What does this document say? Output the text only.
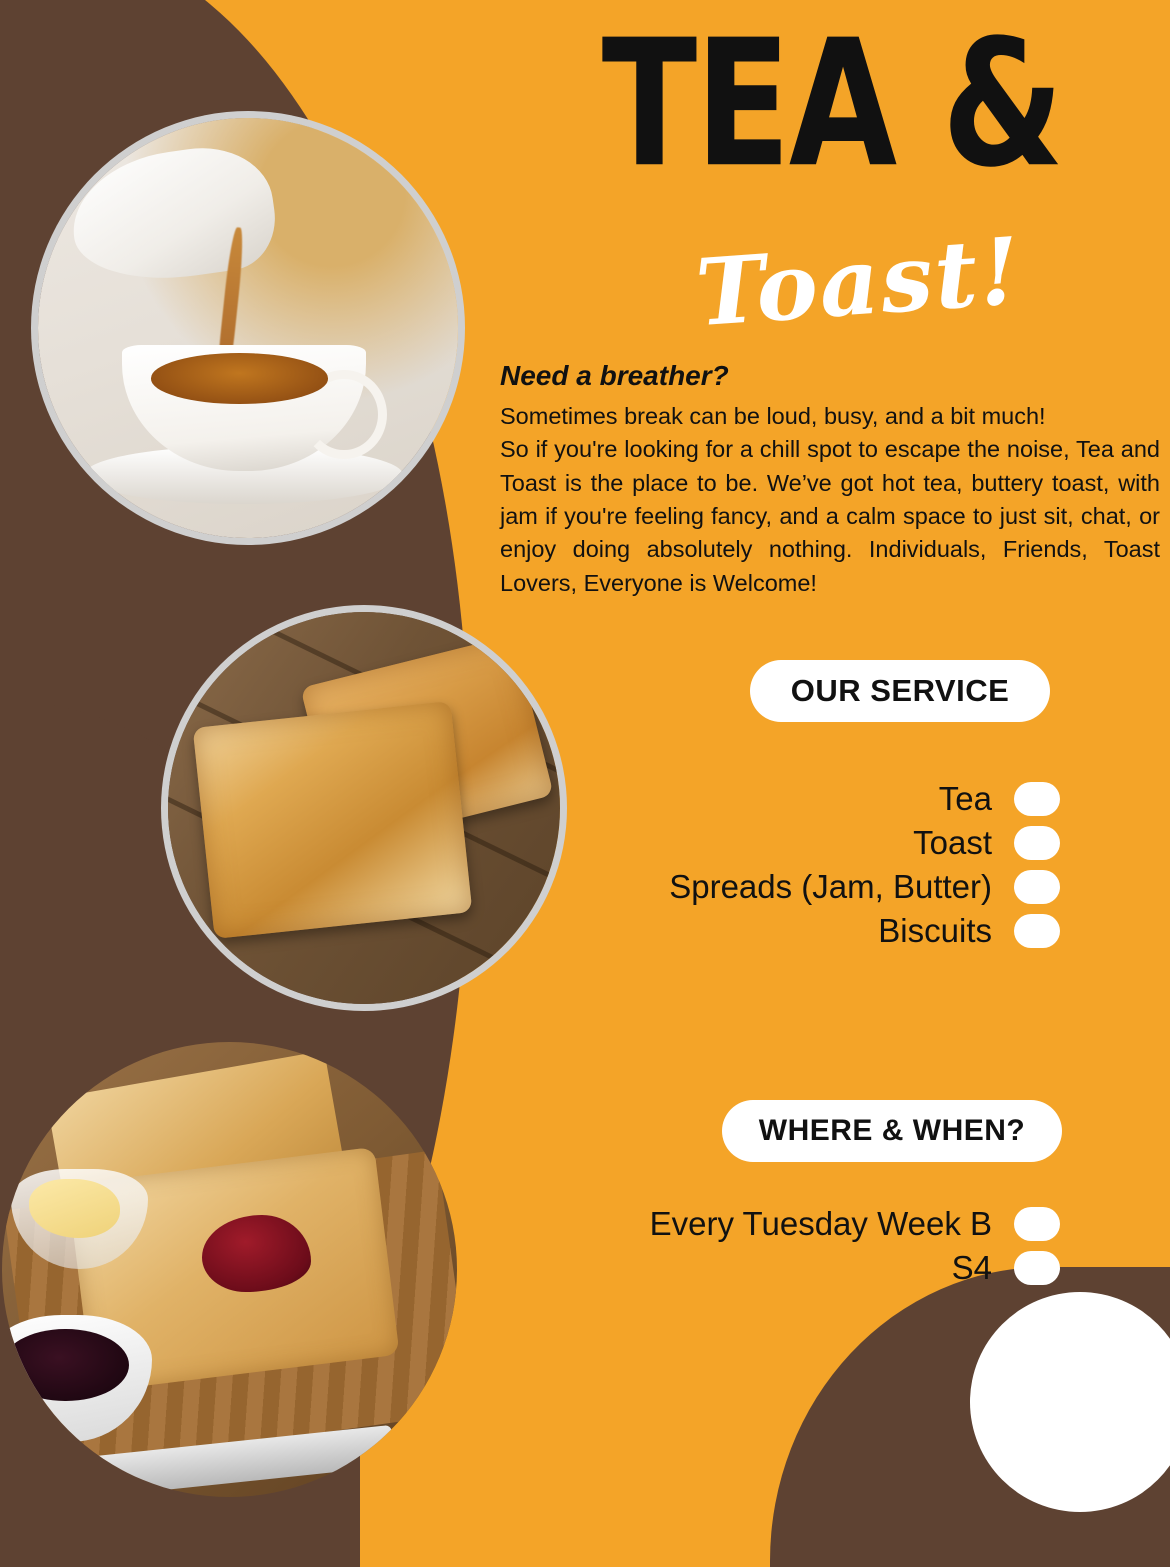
TEA &
Toast!

Need a breather?

Sometimes break can be loud, busy, and a bit much!
So if you're looking for a chill spot to escape the noise, Tea and Toast is the place to be. We’ve got hot tea, buttery toast, with jam if you're feeling fancy, and a calm space to just sit, chat, or enjoy doing absolutely nothing. Individuals, Friends, Toast Lovers, Everyone is Welcome!

OUR SERVICE
Tea
Toast
Spreads (Jam, Butter)
Biscuits
WHERE & WHEN?
Every Tuesday Week B
S4
